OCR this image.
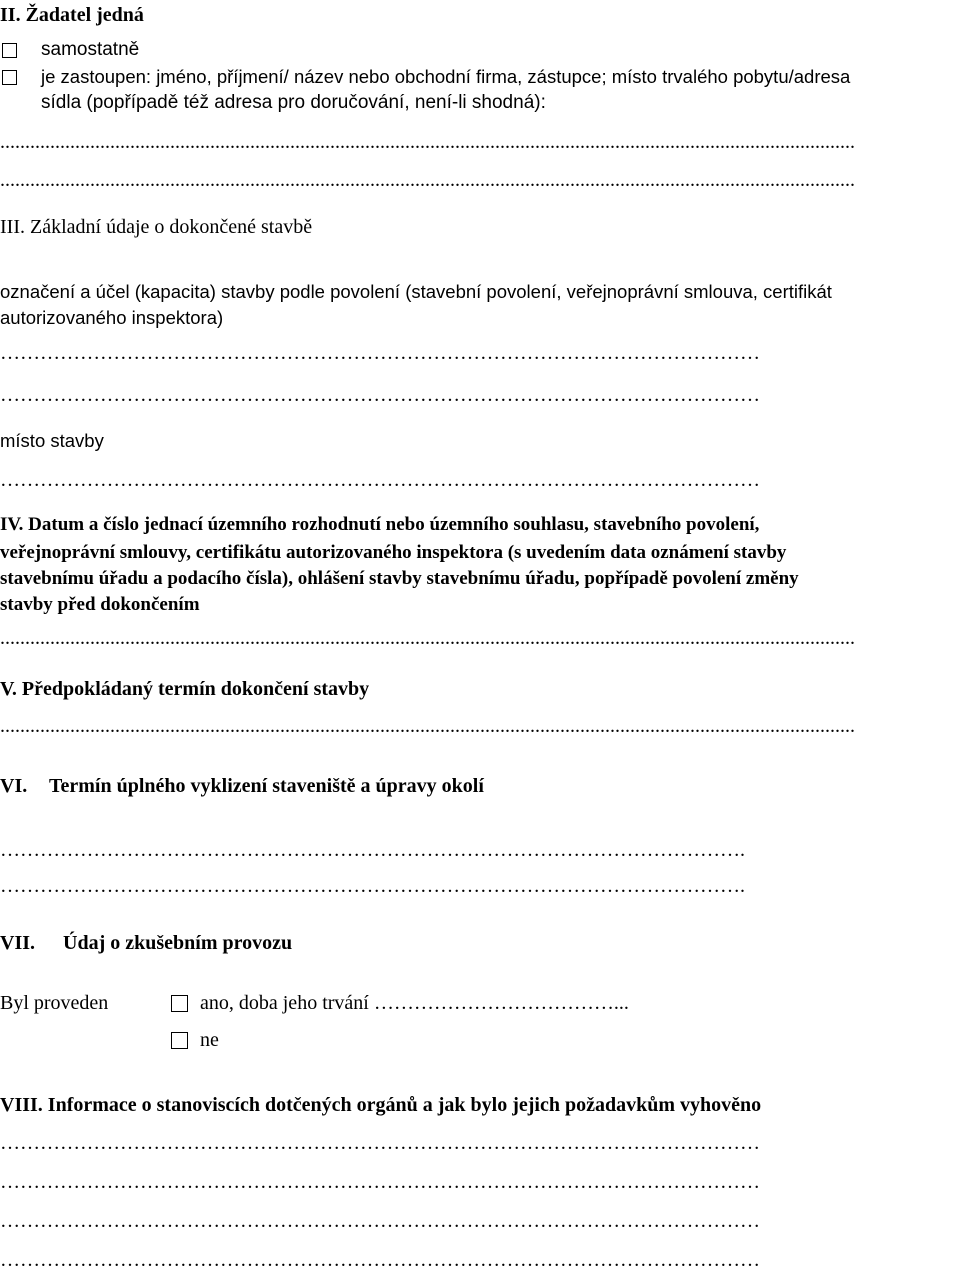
II. Žadatel jedná
samostatně
je zastoupen: jméno, příjmení/ název nebo obchodní firma, zástupce; místo trvalého pobytu/adresa
sídla (popřípadě též adresa pro doručování, není-li shodná):
...........................................................................................................................................................................
...........................................................................................................................................................................
III. Základní údaje o dokončené stavbě
označení a účel (kapacita) stavby podle povolení (stavební povolení, veřejnoprávní smlouva, certifikát
autorizovaného inspektora)
……………………………………………………………………………………………………
……………………………………………………………………………………………………
místo stavby
……………………………………………………………………………………………………
IV. Datum a číslo jednací územního rozhodnutí nebo územního souhlasu, stavebního povolení,
veřejnoprávní smlouvy, certifikátu autorizovaného inspektora (s uvedením data oznámení stavby
stavebnímu úřadu a podacího čísla), ohlášení stavby stavebnímu úřadu, popřípadě povolení změny
stavby před dokončením
...........................................................................................................................................................................
V. Předpokládaný termín dokončení stavby
...........................................................................................................................................................................
VI. Termín úplného vyklizení staveniště a úpravy okolí
………………………………………………………………………………………………….
………………………………………………………………………………………………….
VII. Údaj o zkušebním provozu
Byl proveden	ano, doba jeho trvání ………………………………...
ne
VIII. Informace o stanoviscích dotčených orgánů a jak bylo jejich požadavkům vyhověno
……………………………………………………………………………………………………
……………………………………………………………………………………………………
……………………………………………………………………………………………………
……………………………………………………………………………………………………
